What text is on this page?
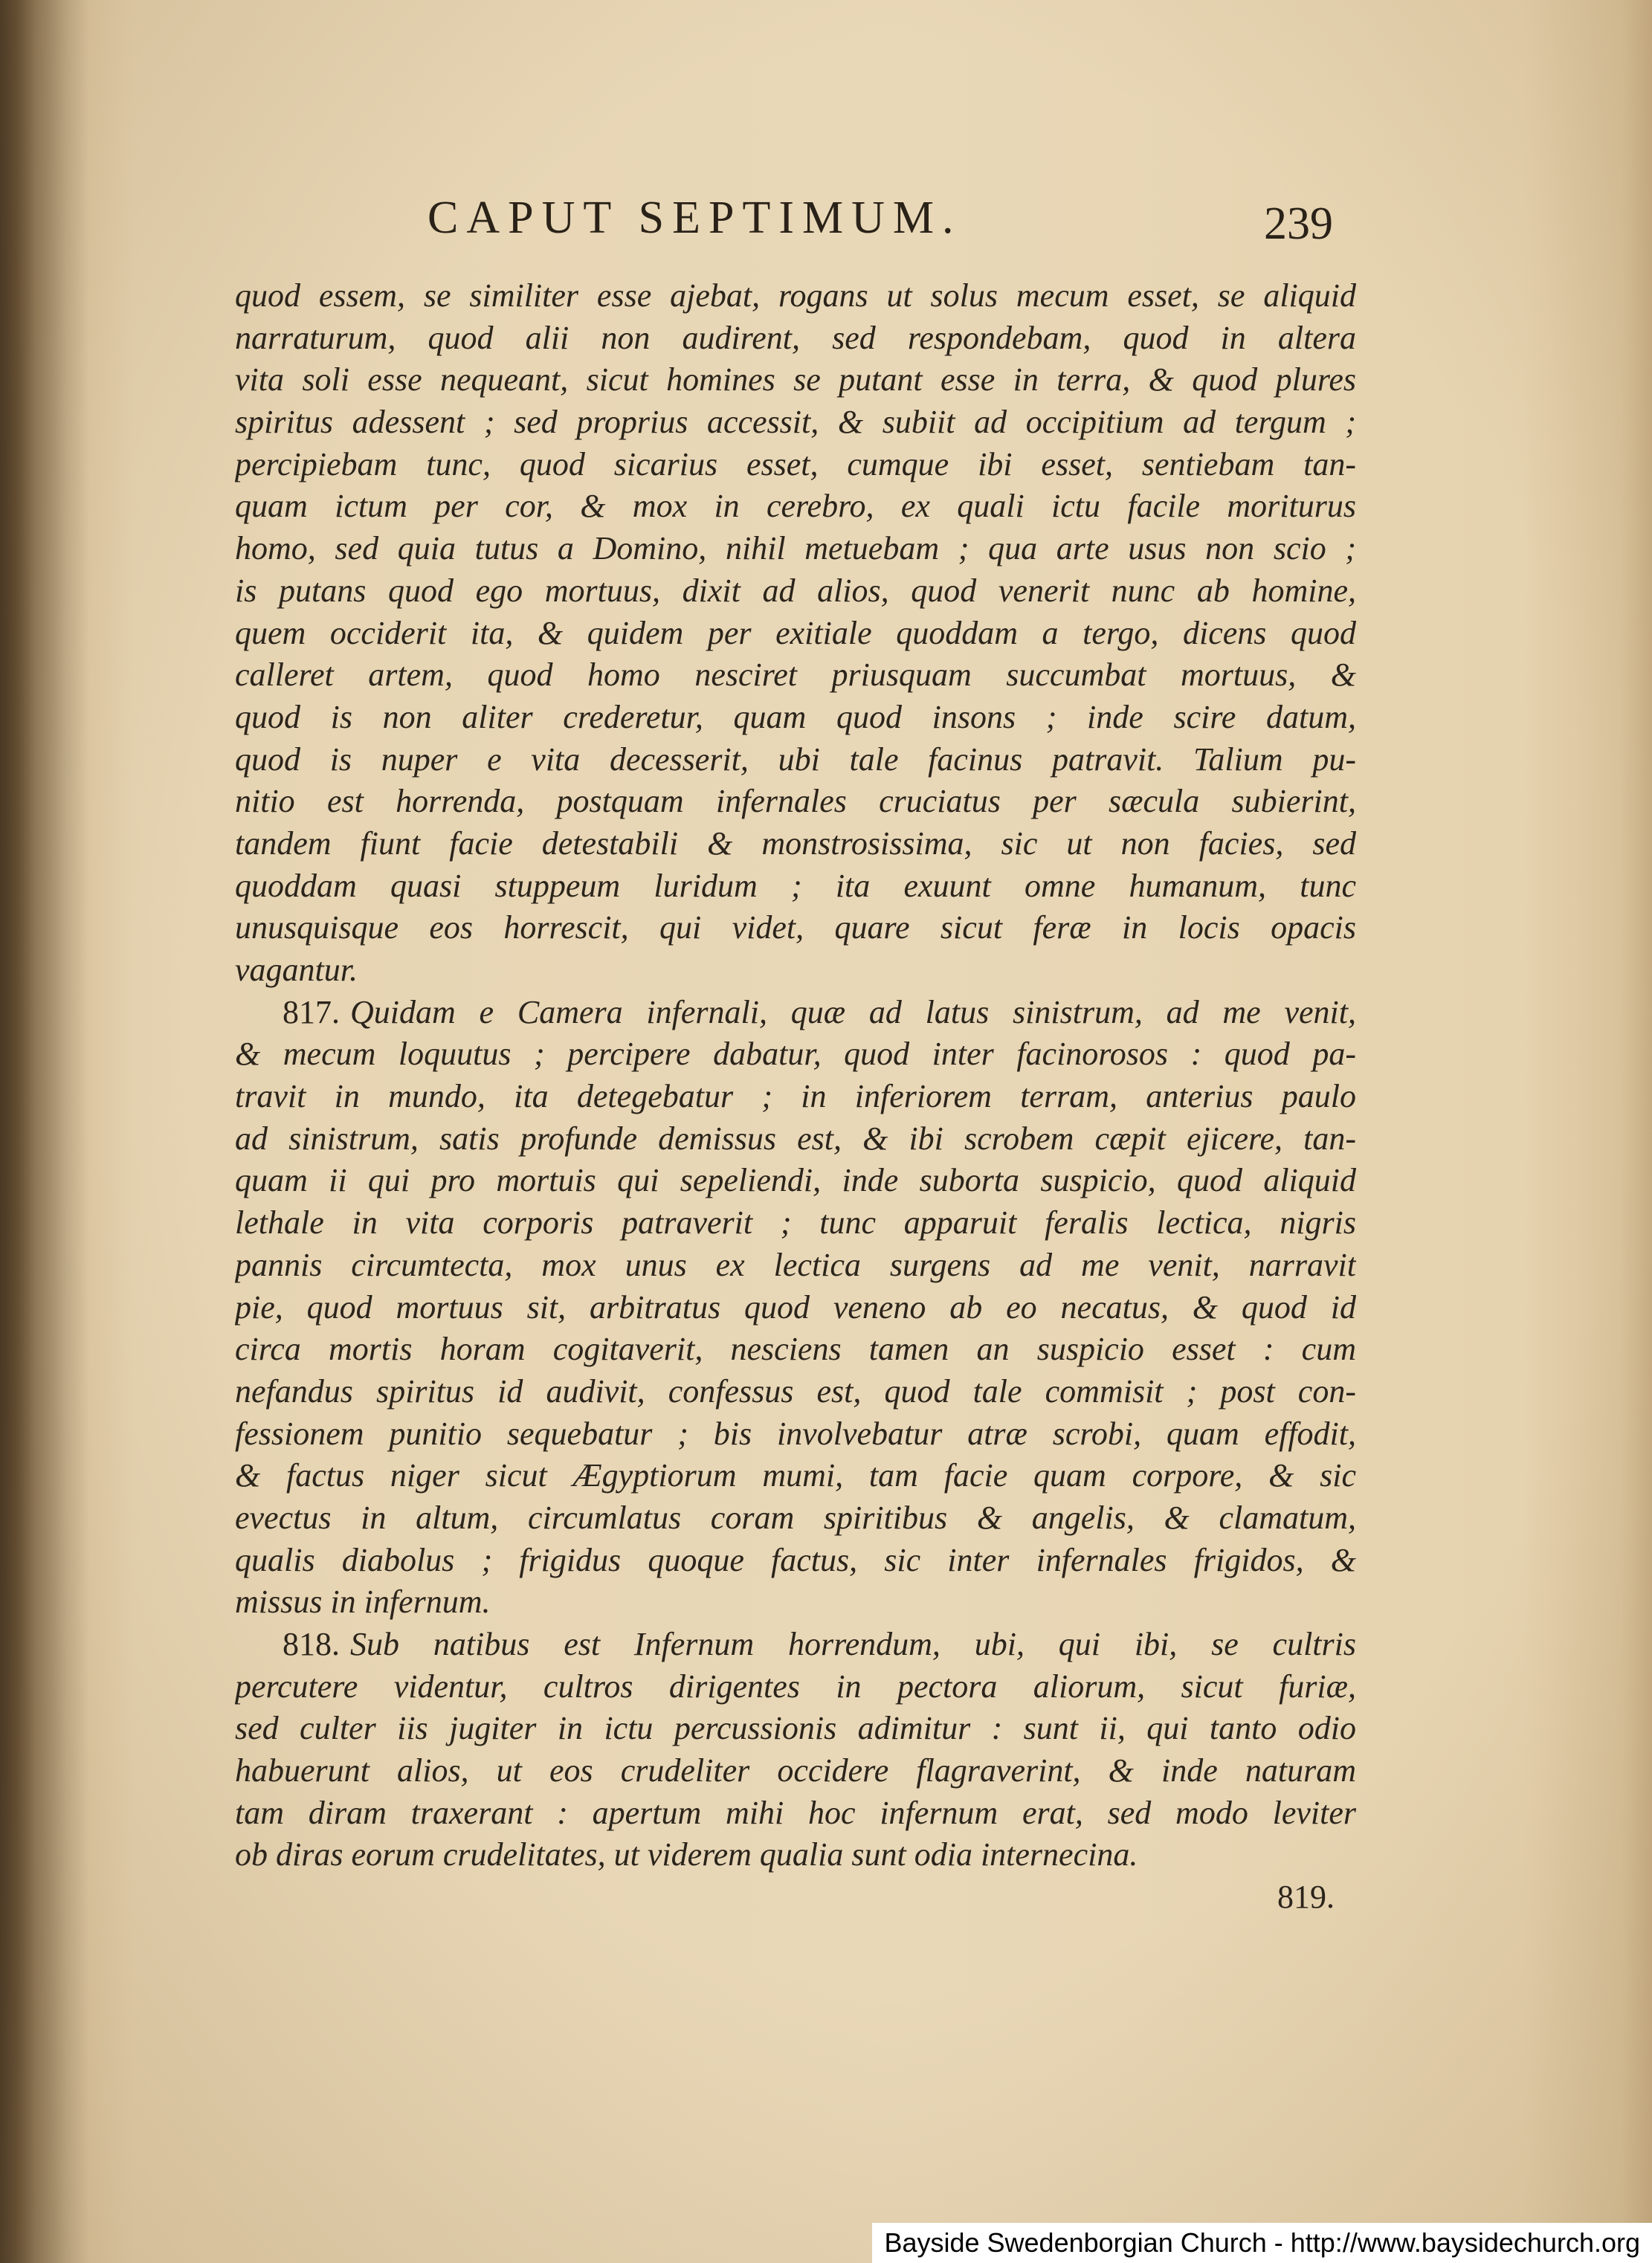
CAPUT SEPTIMUM.	239
quod essem, se similiter esse ajebat, rogans ut solus mecum esset, se aliquid
narraturum, quod alii non audirent, sed respondebam, quod in altera
vita soli esse nequeant, sicut homines se putant esse in terra, & quod plures
spiritus adessent ; sed proprius accessit, & subiit ad occipitium ad tergum ;
percipiebam tunc, quod sicarius esset, cumque ibi esset, sentiebam tan-
quam ictum per cor, & mox in cerebro, ex quali ictu facile moriturus
homo, sed quia tutus a Domino, nihil metuebam ; qua arte usus non scio ;
is putans quod ego mortuus, dixit ad alios, quod venerit nunc ab homine,
quem occiderit ita, & quidem per exitiale quoddam a tergo, dicens quod
calleret artem, quod homo nesciret priusquam succumbat mortuus, &
quod is non aliter crederetur, quam quod insons ; inde scire datum,
quod is nuper e vita decesserit, ubi tale facinus patravit. Talium pu-
nitio est horrenda, postquam infernales cruciatus per sæcula subierint,
tandem fiunt facie detestabili & monstrosissima, sic ut non facies, sed
quoddam quasi stuppeum luridum ; ita exuunt omne humanum, tunc
unusquisque eos horrescit, qui videt, quare sicut feræ in locis opacis
vagantur.
817. Quidam e Camera infernali, quæ ad latus sinistrum, ad me venit,
& mecum loquutus ; percipere dabatur, quod inter facinorosos : quod pa-
travit in mundo, ita detegebatur ; in inferiorem terram, anterius paulo
ad sinistrum, satis profunde demissus est, & ibi scrobem cæpit ejicere, tan-
quam ii qui pro mortuis qui sepeliendi, inde suborta suspicio, quod aliquid
lethale in vita corporis patraverit ; tunc apparuit feralis lectica, nigris
pannis circumtecta, mox unus ex lectica surgens ad me venit, narravit
pie, quod mortuus sit, arbitratus quod veneno ab eo necatus, & quod id
circa mortis horam cogitaverit, nesciens tamen an suspicio esset : cum
nefandus spiritus id audivit, confessus est, quod tale commisit ; post con-
fessionem punitio sequebatur ; bis involvebatur atræ scrobi, quam effodit,
& factus niger sicut Ægyptiorum mumi, tam facie quam corpore, & sic
evectus in altum, circumlatus coram spiritibus & angelis, & clamatum,
qualis diabolus ; frigidus quoque factus, sic inter infernales frigidos, &
missus in infernum.
818. Sub natibus est Infernum horrendum, ubi, qui ibi, se cultris
percutere videntur, cultros dirigentes in pectora aliorum, sicut furiæ,
sed culter iis jugiter in ictu percussionis adimitur : sunt ii, qui tanto odio
habuerunt alios, ut eos crudeliter occidere flagraverint, & inde naturam
tam diram traxerant : apertum mihi hoc infernum erat, sed modo leviter
ob diras eorum crudelitates, ut viderem qualia sunt odia internecina.
819.
Bayside Swedenborgian Church - http://www.baysidechurch.org
